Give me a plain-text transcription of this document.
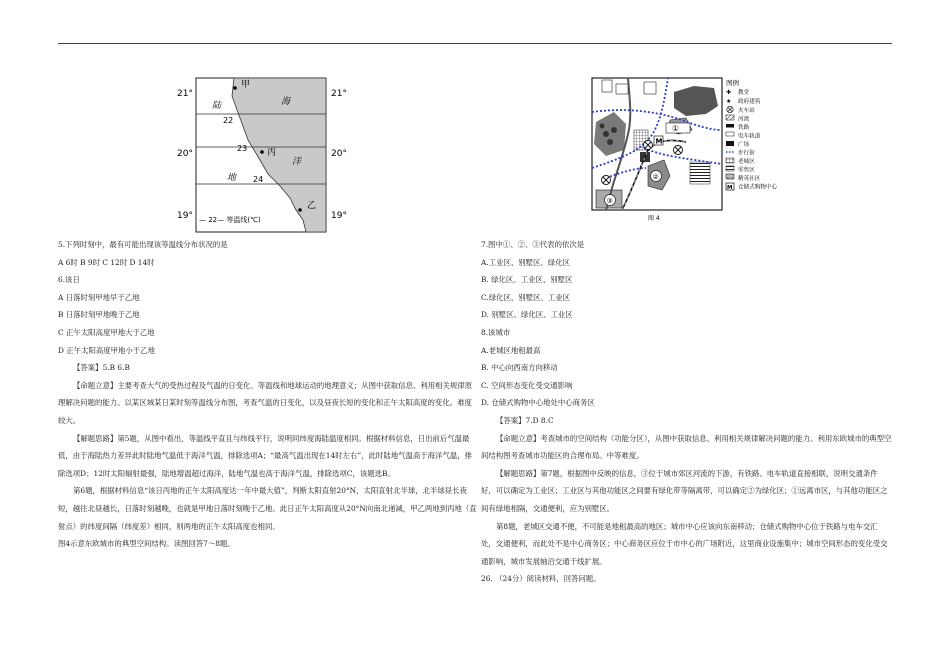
21°
20°
19°
21°
20°
19°
陆
地
海
洋
22
23
24
甲
丙
乙
— 22— 等温线(℃)
①
②
③
M
图例
✚ 教堂
★ 政府建筑
火车站
河流
铁路
电车轨道
广场
步行街
老城区
零售区
精英社区
M 仓储式购物中心
图 4

5.下列时刻中，最有可能出现该等温线分布状况的是

A 6时 B 9时 C 12时 D 14时

6.该日

A 日落时刻甲地早于乙地

B 日落时刻甲地晚于乙地

C 正午太阳高度甲地大于乙地

D 正午太阳高度甲地小于乙地

【答案】5.B 6.B

【命题立意】主要考查大气的受热过程及气温的日变化、等温线和地球运动的地理意义；从图中获取信息、利用相关规律原理解决问题的能力。以某区域某日某时刻等温线分布图，考查气温的日变化，以及昼夜长短的变化和正午太阳高度的变化。难度较大。

【解题思路】第5题，从图中看出，等温线平直且与纬线平行，说明同纬度海陆温度相同。根据材料信息，日出前后气温最低，由于海陆热力差异此时陆地气温低于海洋气温，排除选项A；“最高气温出现在14时左右”，此时陆地气温高于海洋气温，排除选项D；12时太阳辐射最强，陆地增温超过海洋，陆地气温也高于海洋气温，排除选项C，该题选B。

第6题，根据材料信息“该日丙地的正午太阳高度达一年中最大值”，判断太阳直射20°N，太阳直射北半球，北半球昼长夜短，越往北昼越长，日落时刻越晚，也就是甲地日落时刻晚于乙地。此日正午太阳高度从20°N向南北递减，甲乙两地到丙地（直射点）的纬度间隔（纬度差）相同，则两地的正午太阳高度也相同。

图4示意东欧城市的典型空间结构。读图回答7～8题。

7.图中①、②、③代表的依次是

A.工业区、别墅区、绿化区

B. 绿化区、工业区、别墅区

C.绿化区、别墅区、工业区

D. 别墅区、绿化区、工业区

8.该城市

A.老城区地租最高

B. 中心向西南方向移动

C. 空间形态变化受交通影响

D. 仓储式购物中心地处中心商务区

【答案】7.D 8.C

【命题立意】考查城市的空间结构（功能分区），从图中获取信息、利用相关规律解决问题的能力。利用东欧城市的典型空间结构图考查城市功能区的合理布局。中等难度。

【解题思路】第7题，根据图中反映的信息，③位于城市郊区河流的下游，有铁路、电车轨道直接相联，说明交通条件好，可以确定为工业区；工业区与其他功能区之间要有绿化带等隔离带，可以确定②为绿化区；①远离市区，与其他功能区之间有绿地相隔，交通便利，应为别墅区。

第8题，老城区交通不便，不可能是地租最高的地区；城市中心应该向东南移动；仓储式购物中心位于铁路与电车交汇处，交通便利，而此处不是中心商务区；中心商务区应位于市中心的广场附近，这里商业设施集中；城市空间形态的变化受交通影响，城市发展轴沿交通干线扩展。

26. （24分）阅读材料，回答问题。
